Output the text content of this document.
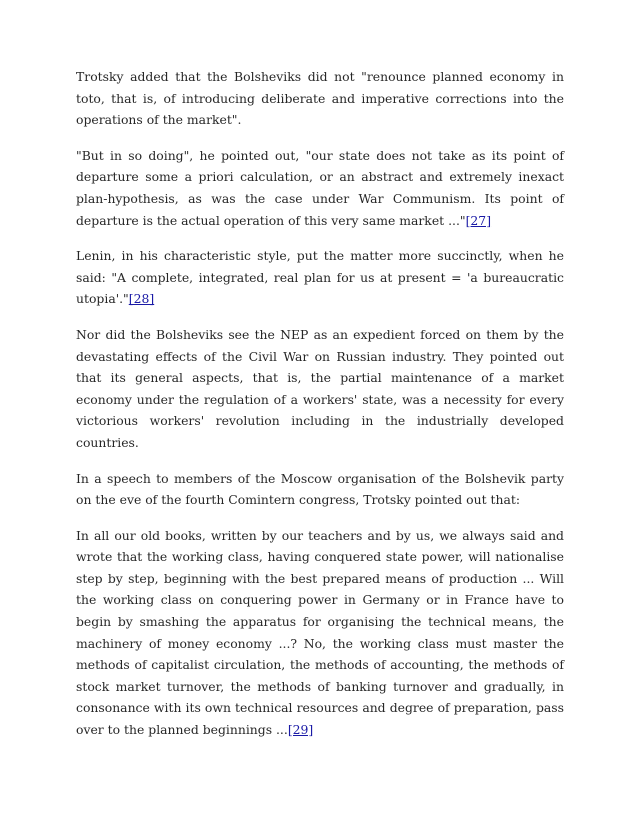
Trotsky added that the Bolsheviks did not "renounce planned economy in toto, that is, of introducing deliberate and imperative corrections into the operations of the market".

"But in so doing", he pointed out, "our state does not take as its point of departure some a priori calculation, or an abstract and extremely inexact plan-hypothesis, as was the case under War Communism. Its point of departure is the actual operation of this very same market ..."[27]

Lenin, in his characteristic style, put the matter more succinctly, when he said: "A complete, integrated, real plan for us at present = 'a bureaucratic utopia'."[28]

Nor did the Bolsheviks see the NEP as an expedient forced on them by the devastating effects of the Civil War on Russian industry. They pointed out that its general aspects, that is, the partial maintenance of a market economy under the regulation of a workers' state, was a necessity for every victorious workers' revolution including in the industrially developed countries.

In a speech to members of the Moscow organisation of the Bolshevik party on the eve of the fourth Comintern congress, Trotsky pointed out that:

In all our old books, written by our teachers and by us, we always said and wrote that the working class, having conquered state power, will nationalise step by step, beginning with the best prepared means of production ... Will the working class on conquering power in Germany or in France have to begin by smashing the apparatus for organising the technical means, the machinery of money economy ...? No, the working class must master the methods of capitalist circulation, the methods of accounting, the methods of stock market turnover, the methods of banking turnover and gradually, in consonance with its own technical resources and degree of preparation, pass over to the planned beginnings ...[29]
